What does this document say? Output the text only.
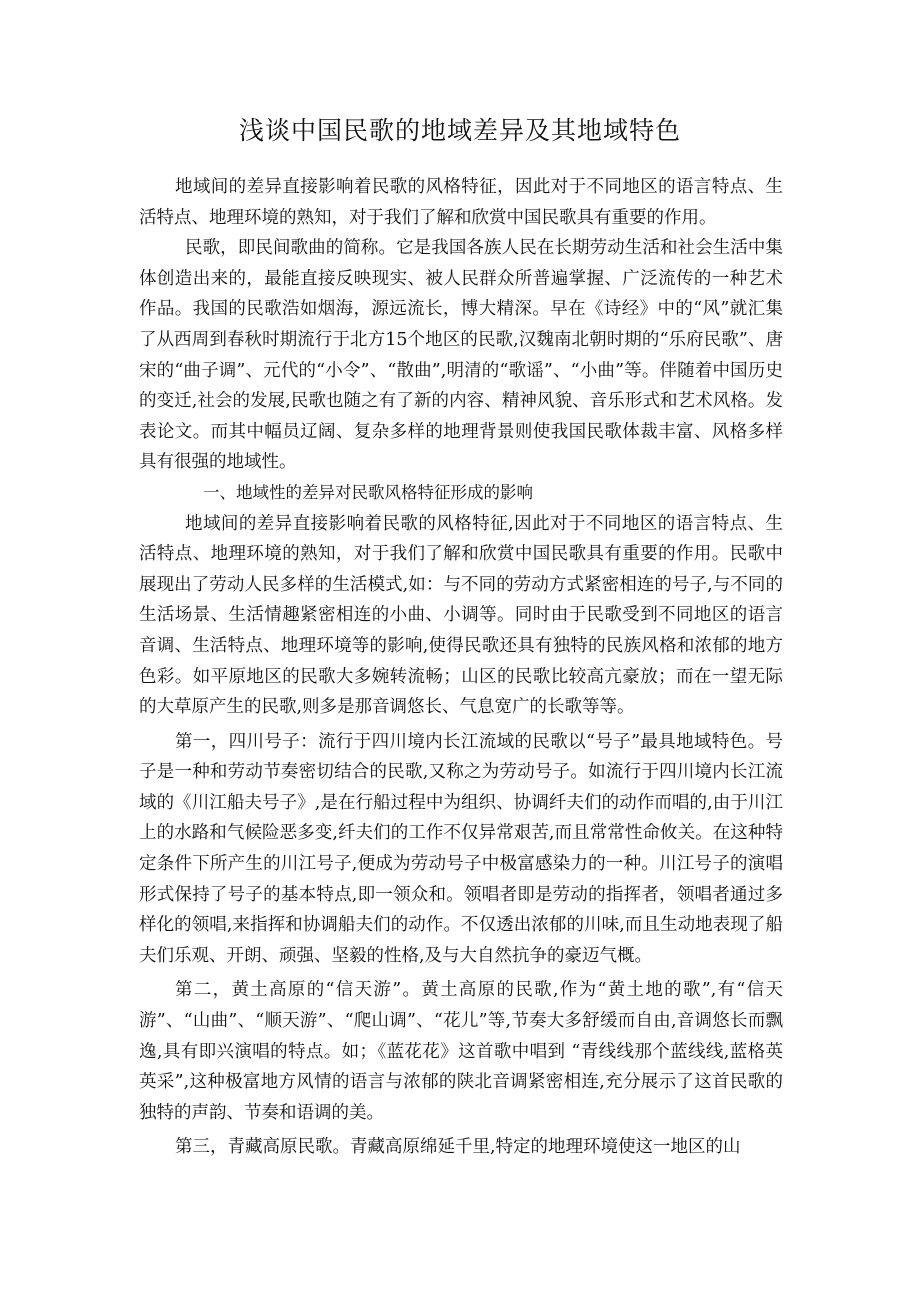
浅谈中国民歌的地域差异及其地域特色

地域间的差异直接影响着民歌的风格特征，因此对于不同地区的语言特点、生活特点、地理环境的熟知，对于我们了解和欣赏中国民歌具有重要的作用。

民歌，即民间歌曲的简称。它是我国各族人民在长期劳动生活和社会生活中集体创造出来的，最能直接反映现实、被人民群众所普遍掌握、广泛流传的一种艺术作品。我国的民歌浩如烟海，源远流长，博大精深。早在《诗经》中的“风”就汇集了从西周到春秋时期流行于北方15个地区的民歌,汉魏南北朝时期的“乐府民歌”、唐宋的“曲子调”、元代的“小令”、“散曲”,明清的“歌谣”、“小曲”等。伴随着中国历史的变迁,社会的发展,民歌也随之有了新的内容、精神风貌、音乐形式和艺术风格。发表论文。而其中幅员辽阔、复杂多样的地理背景则使我国民歌体裁丰富、风格多样具有很强的地域性。

一、地域性的差异对民歌风格特征形成的影响

地域间的差异直接影响着民歌的风格特征,因此对于不同地区的语言特点、生活特点、地理环境的熟知，对于我们了解和欣赏中国民歌具有重要的作用。民歌中展现出了劳动人民多样的生活模式,如：与不同的劳动方式紧密相连的号子,与不同的生活场景、生活情趣紧密相连的小曲、小调等。同时由于民歌受到不同地区的语言音调、生活特点、地理环境等的影响,使得民歌还具有独特的民族风格和浓郁的地方色彩。如平原地区的民歌大多婉转流畅；山区的民歌比较高亢豪放；而在一望无际的大草原产生的民歌,则多是那音调悠长、气息宽广的长歌等等。

第一，四川号子：流行于四川境内长江流域的民歌以“号子”最具地域特色。号子是一种和劳动节奏密切结合的民歌,又称之为劳动号子。如流行于四川境内长江流域的《川江船夫号子》,是在行船过程中为组织、协调纤夫们的动作而唱的,由于川江上的水路和气候险恶多变,纤夫们的工作不仅异常艰苦,而且常常性命攸关。在这种特定条件下所产生的川江号子,便成为劳动号子中极富感染力的一种。川江号子的演唱形式保持了号子的基本特点,即一领众和。领唱者即是劳动的指挥者，领唱者通过多样化的领唱,来指挥和协调船夫们的动作。不仅透出浓郁的川味,而且生动地表现了船夫们乐观、开朗、顽强、坚毅的性格,及与大自然抗争的豪迈气概。

第二，黄土高原的“信天游”。黄土高原的民歌,作为“黄土地的歌”,有“信天游”、“山曲”、“顺天游”、“爬山调”、“花儿”等,节奏大多舒缓而自由,音调悠长而飘逸,具有即兴演唱的特点。如；《蓝花花》这首歌中唱到 “青线线那个蓝线线,蓝格英英采”,这种极富地方风情的语言与浓郁的陕北音调紧密相连,充分展示了这首民歌的独特的声韵、节奏和语调的美。

第三，青藏高原民歌。青藏高原绵延千里,特定的地理环境使这一地区的山
